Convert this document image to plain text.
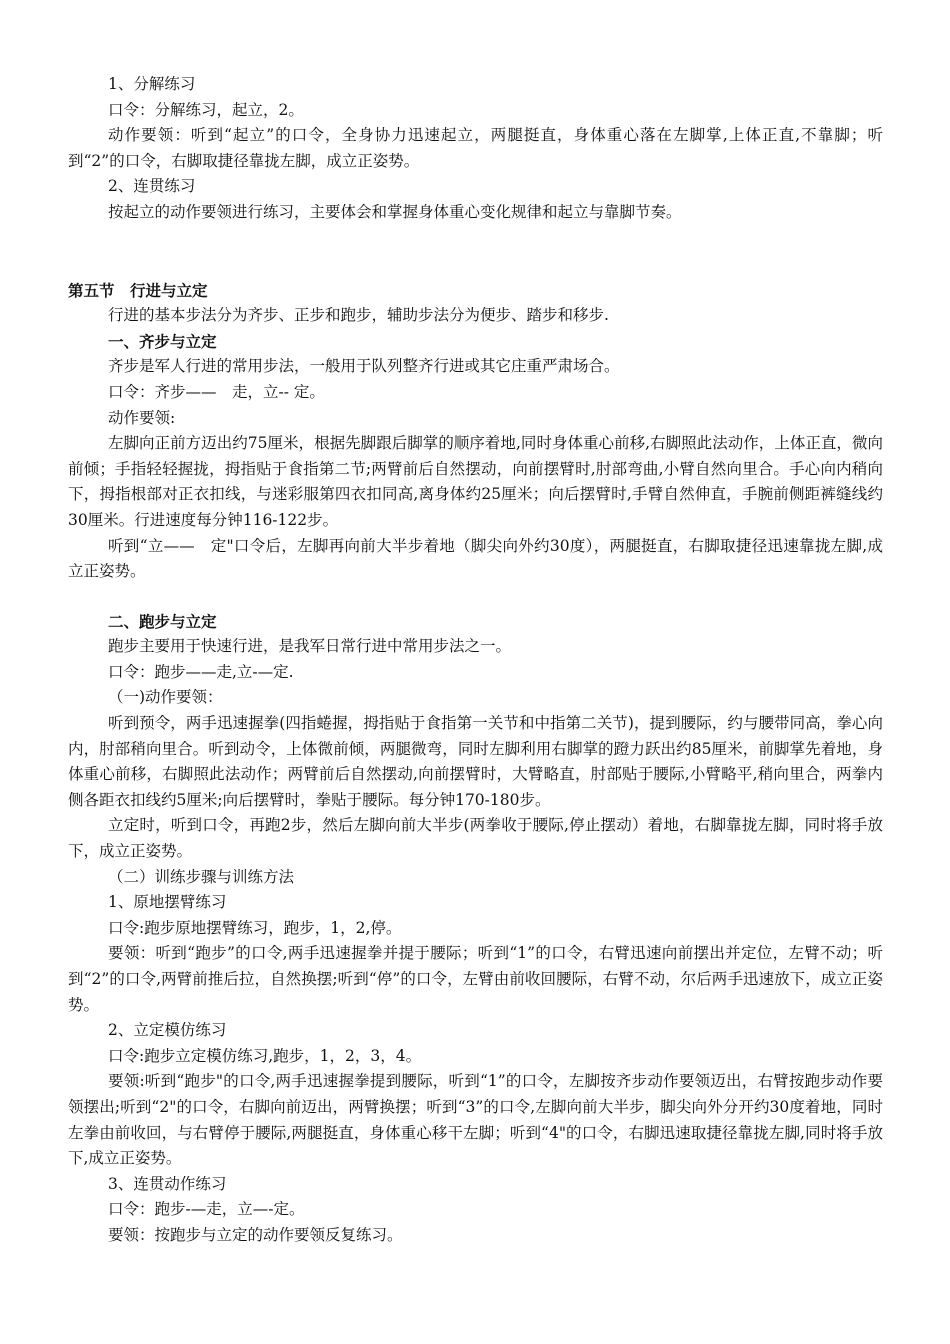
1、分解练习

口令：分解练习，起立，2。

动作要领：听到“起立”的口令，全身协力迅速起立，两腿挺直，身体重心落在左脚掌,上体正直,不靠脚；听到“2”的口令，右脚取捷径靠拢左脚，成立正姿势。

2、连贯练习

按起立的动作要领进行练习，主要体会和掌握身体重心变化规律和起立与靠脚节奏。

第五节　行进与立定

行进的基本步法分为齐步、正步和跑步，辅助步法分为便步、踏步和移步.

一、齐步与立定

齐步是军人行进的常用步法，一般用于队列整齐行进或其它庄重严肃场合。

口令：齐步——　走，立-- 定。

动作要领:

左脚向正前方迈出约75厘米，根据先脚跟后脚掌的顺序着地,同时身体重心前移,右脚照此法动作，上体正直，微向前倾；手指轻轻握拢，拇指贴于食指第二节;两臂前后自然摆动，向前摆臂时,肘部弯曲,小臂自然向里合。手心向内稍向下，拇指根部对正衣扣线，与迷彩服第四衣扣同高,离身体约25厘米；向后摆臂时,手臂自然伸直，手腕前侧距裤缝线约30厘米。行进速度每分钟116-122步。

听到“立——　定"口令后，左脚再向前大半步着地（脚尖向外约30度），两腿挺直，右脚取捷径迅速靠拢左脚,成立正姿势。

二、跑步与立定

跑步主要用于快速行进，是我军日常行进中常用步法之一。

口令：跑步——走,立-—定.

（一)动作要领：

听到预令，两手迅速握拳(四指蜷握，拇指贴于食指第一关节和中指第二关节)，提到腰际，约与腰带同高，拳心向内，肘部稍向里合。听到动令，上体微前倾，两腿微弯，同时左脚利用右脚掌的蹬力跃出约85厘米，前脚掌先着地，身体重心前移，右脚照此法动作；两臂前后自然摆动,向前摆臂时，大臂略直，肘部贴于腰际,小臂略平,稍向里合，两拳内侧各距衣扣线约5厘米;向后摆臂时，拳贴于腰际。每分钟170-180步。

立定时，听到口令，再跑2步，然后左脚向前大半步(两拳收于腰际,停止摆动）着地，右脚靠拢左脚，同时将手放下，成立正姿势。

（二）训练步骤与训练方法

1、原地摆臂练习

口令:跑步原地摆臂练习，跑步，1，2,停。

要领：听到“跑步”的口令,两手迅速握拳并提于腰际；听到“1”的口令，右臂迅速向前摆出并定位，左臂不动；听到“2”的口令,两臂前推后拉，自然换摆;听到“停”的口令，左臂由前收回腰际，右臂不动，尔后两手迅速放下，成立正姿势。

2、立定模仿练习

口令:跑步立定模仿练习,跑步，1，2，3，4。

要领:听到“跑步"的口令,两手迅速握拳提到腰际，听到“1”的口令，左脚按齐步动作要领迈出，右臂按跑步动作要领摆出;听到“2"的口令，右脚向前迈出，两臂换摆；听到“3”的口令,左脚向前大半步，脚尖向外分开约30度着地，同时左拳由前收回，与右臂停于腰际,两腿挺直，身体重心移干左脚；听到“4"的口令，右脚迅速取捷径靠拢左脚,同时将手放下,成立正姿势。

3、连贯动作练习

口令：跑步-—走，立—-定。

要领：按跑步与立定的动作要领反复练习。
